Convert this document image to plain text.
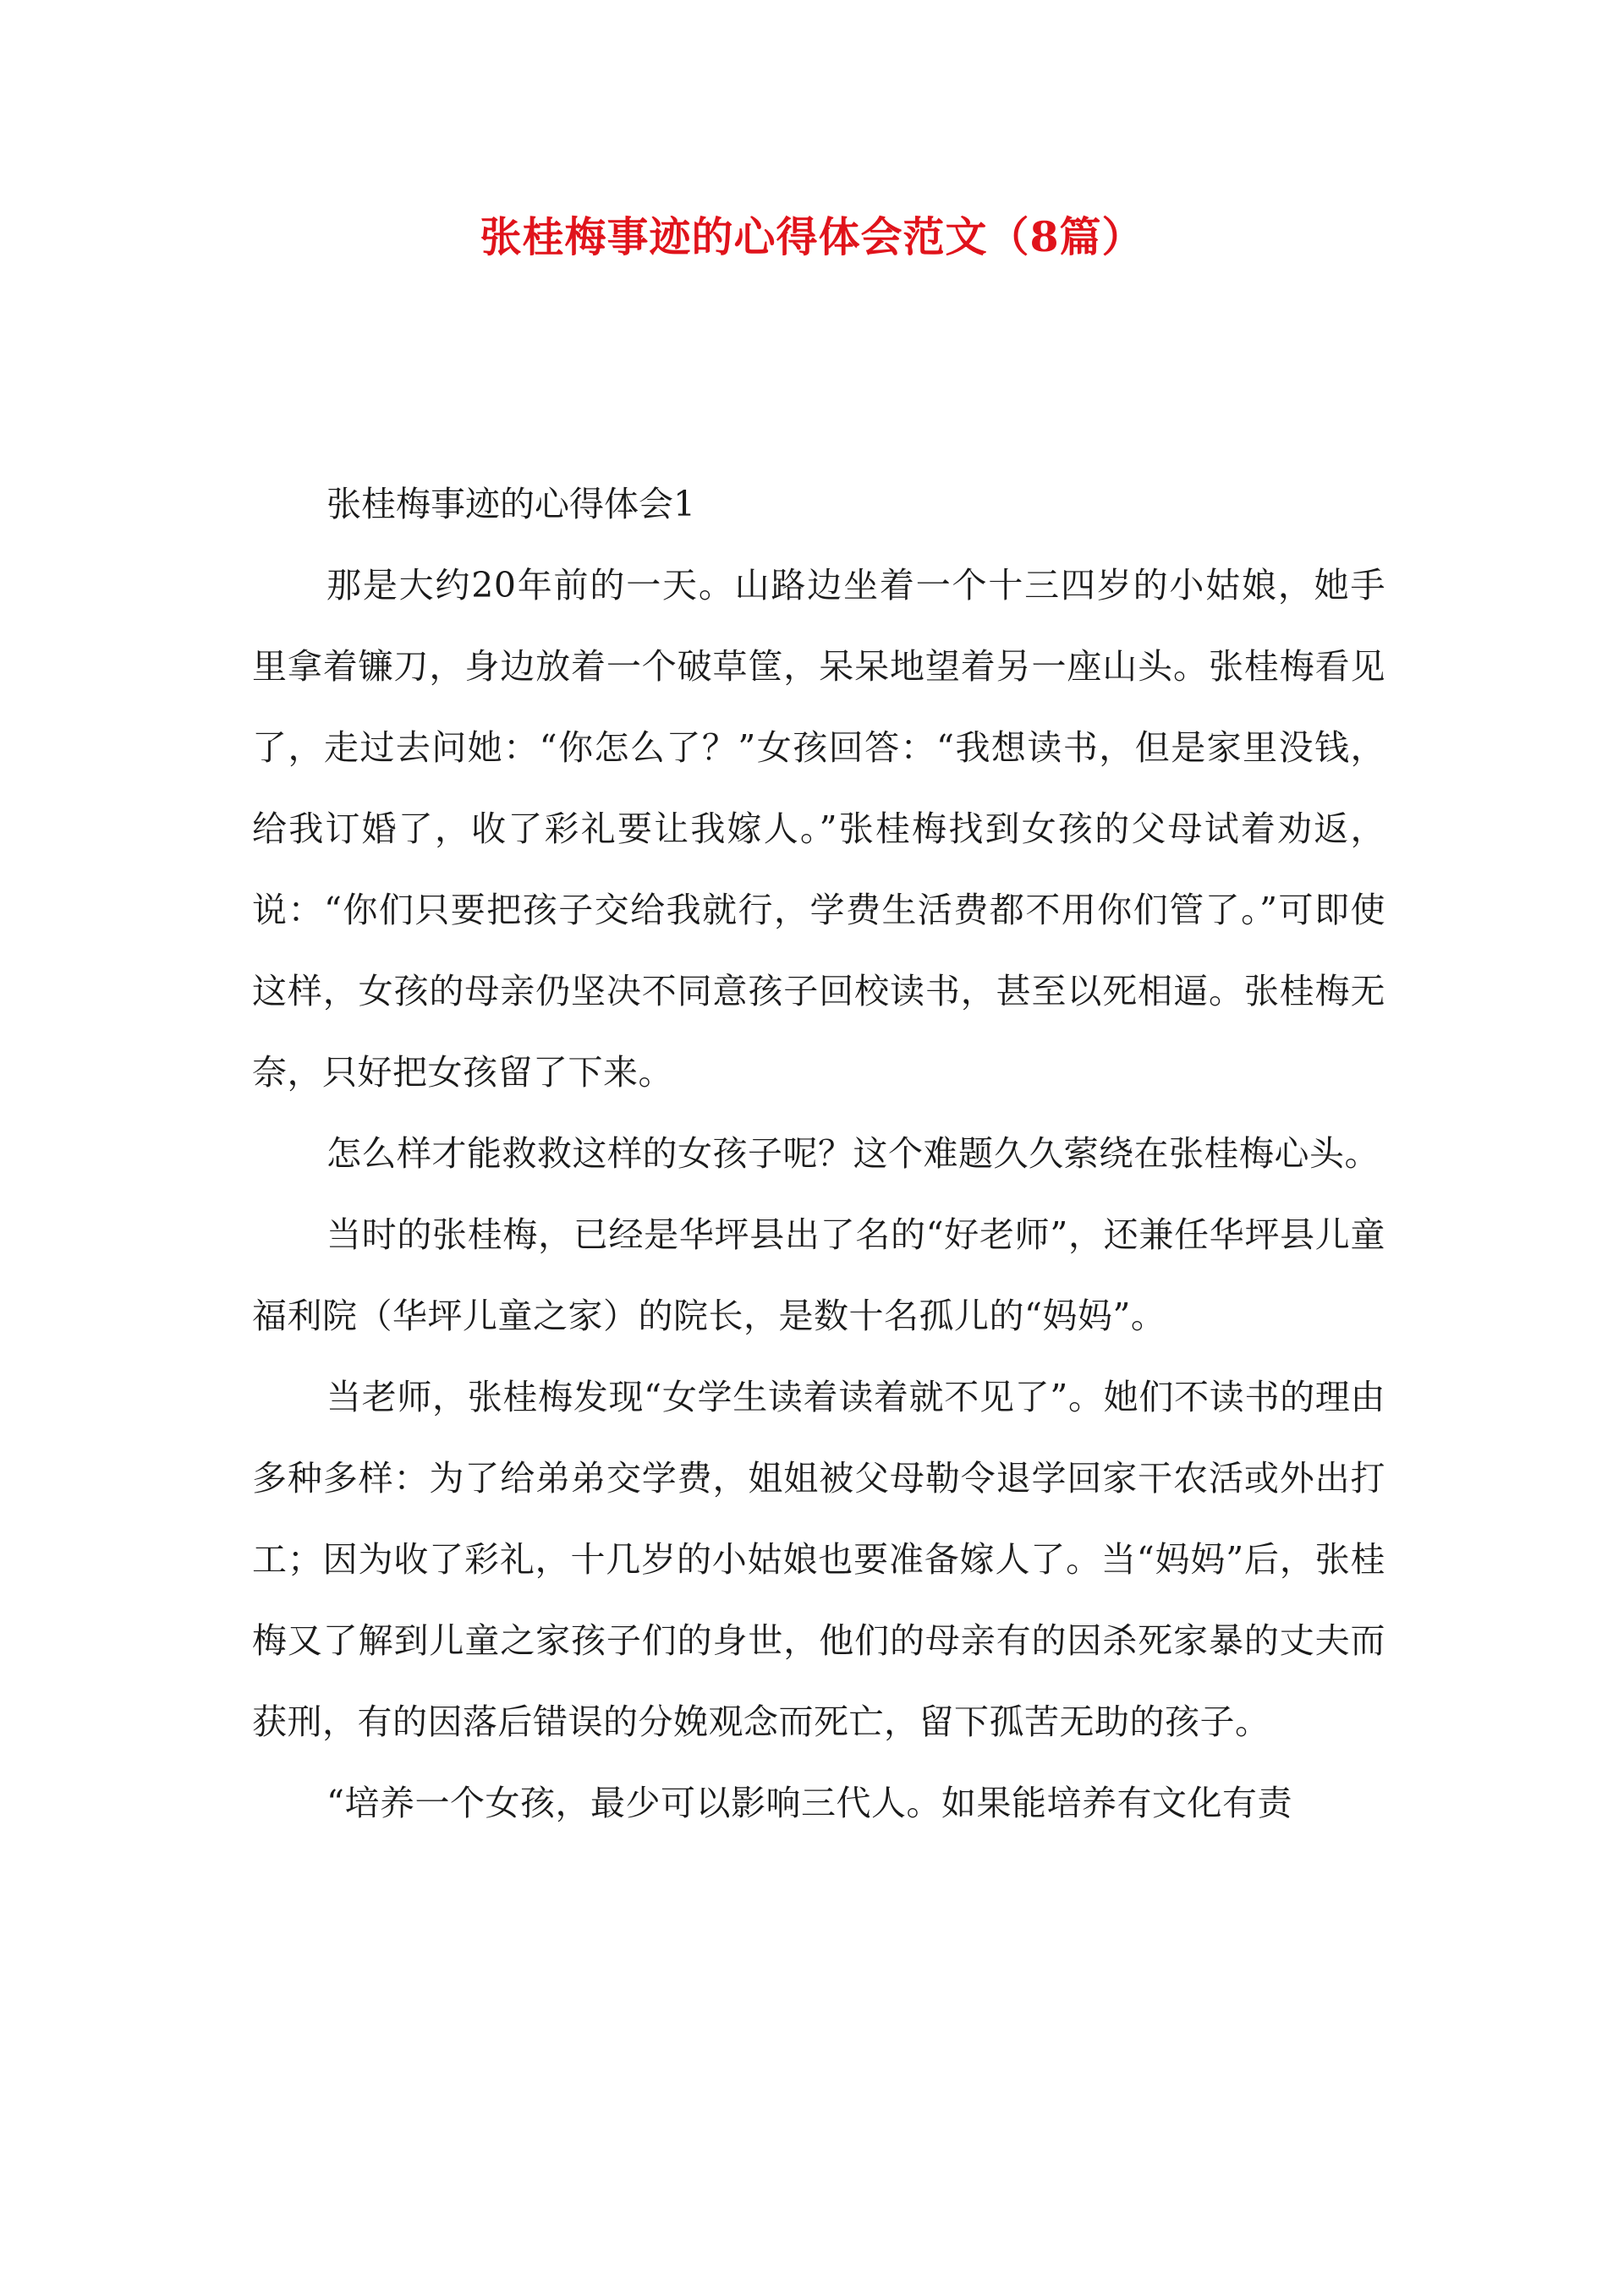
张桂梅事迹的心得体会范文（8篇）

张桂梅事迹的心得体会1

那是大约20年前的一天。山路边坐着一个十三四岁的小姑娘，她手里拿着镰刀，身边放着一个破草筐，呆呆地望着另一座山头。张桂梅看见了，走过去问她：“你怎么了？”女孩回答：“我想读书，但是家里没钱，给我订婚了，收了彩礼要让我嫁人。”张桂梅找到女孩的父母试着劝返，说：“你们只要把孩子交给我就行，学费生活费都不用你们管了。”可即使这样，女孩的母亲仍坚决不同意孩子回校读书，甚至以死相逼。张桂梅无奈，只好把女孩留了下来。

怎么样才能救救这样的女孩子呢？这个难题久久萦绕在张桂梅心头。

当时的张桂梅，已经是华坪县出了名的“好老师”，还兼任华坪县儿童福利院（华坪儿童之家）的院长，是数十名孤儿的“妈妈”。

当老师，张桂梅发现“女学生读着读着就不见了”。她们不读书的理由多种多样：为了给弟弟交学费，姐姐被父母勒令退学回家干农活或外出打工；因为收了彩礼，十几岁的小姑娘也要准备嫁人了。当“妈妈”后，张桂梅又了解到儿童之家孩子们的身世，他们的母亲有的因杀死家暴的丈夫而获刑，有的因落后错误的分娩观念而死亡，留下孤苦无助的孩子。

“培养一个女孩，最少可以影响三代人。如果能培养有文化有责
